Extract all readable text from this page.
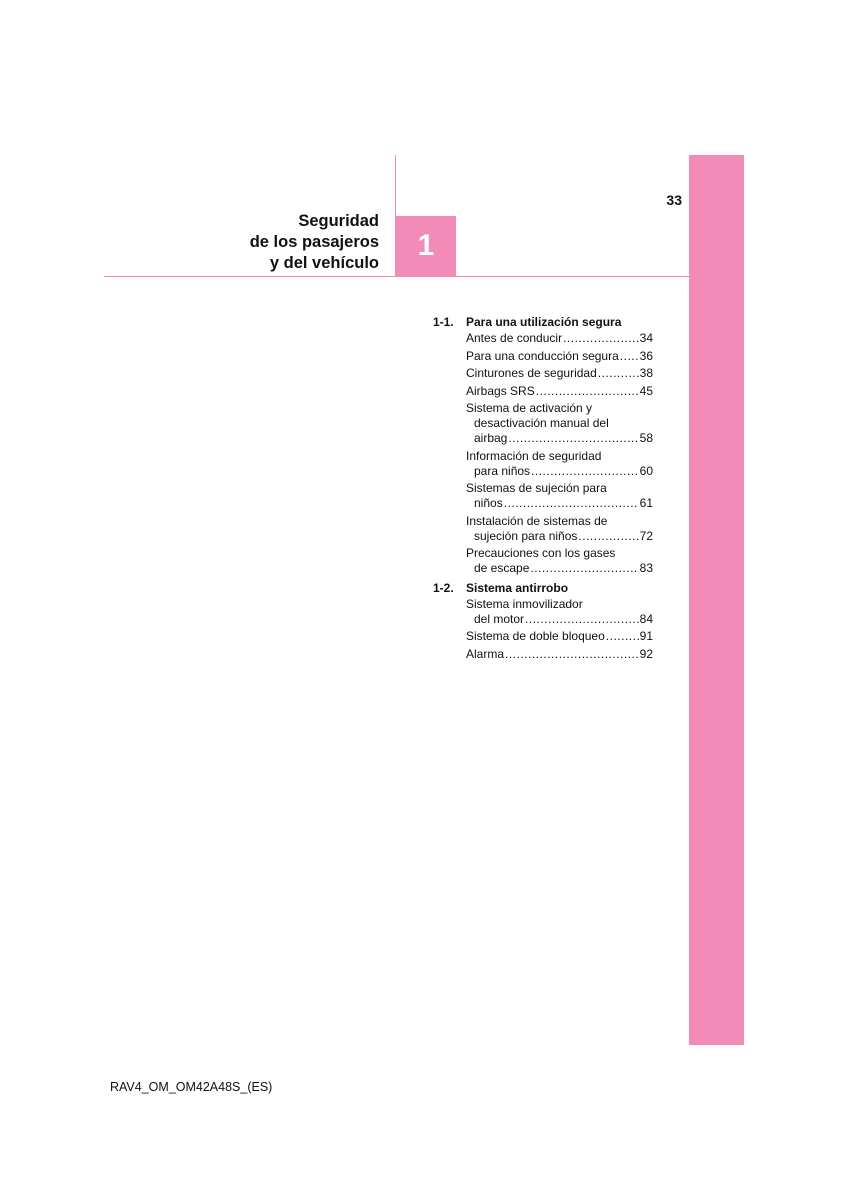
33
Seguridad
de los pasajeros
y del vehículo
1
1-1.	Para una utilización segura
Antes de conducir .....	34
Para una conducción segura ..... 36
Cinturones de seguridad .....	38
Airbags SRS .....	45
Sistema de activación y
desactivación manual del
airbag .....	58
Información de seguridad
para niños .....	60
Sistemas de sujeción para
niños .....	61
Instalación de sistemas de
sujeción para niños .....	72
Precauciones con los gases
de escape .....	83
1-2.	Sistema antirrobo
Sistema inmovilizador
del motor .....	84
Sistema de doble bloqueo .....	91
Alarma .....	92
RAV4_OM_OM42A48S_(ES)
